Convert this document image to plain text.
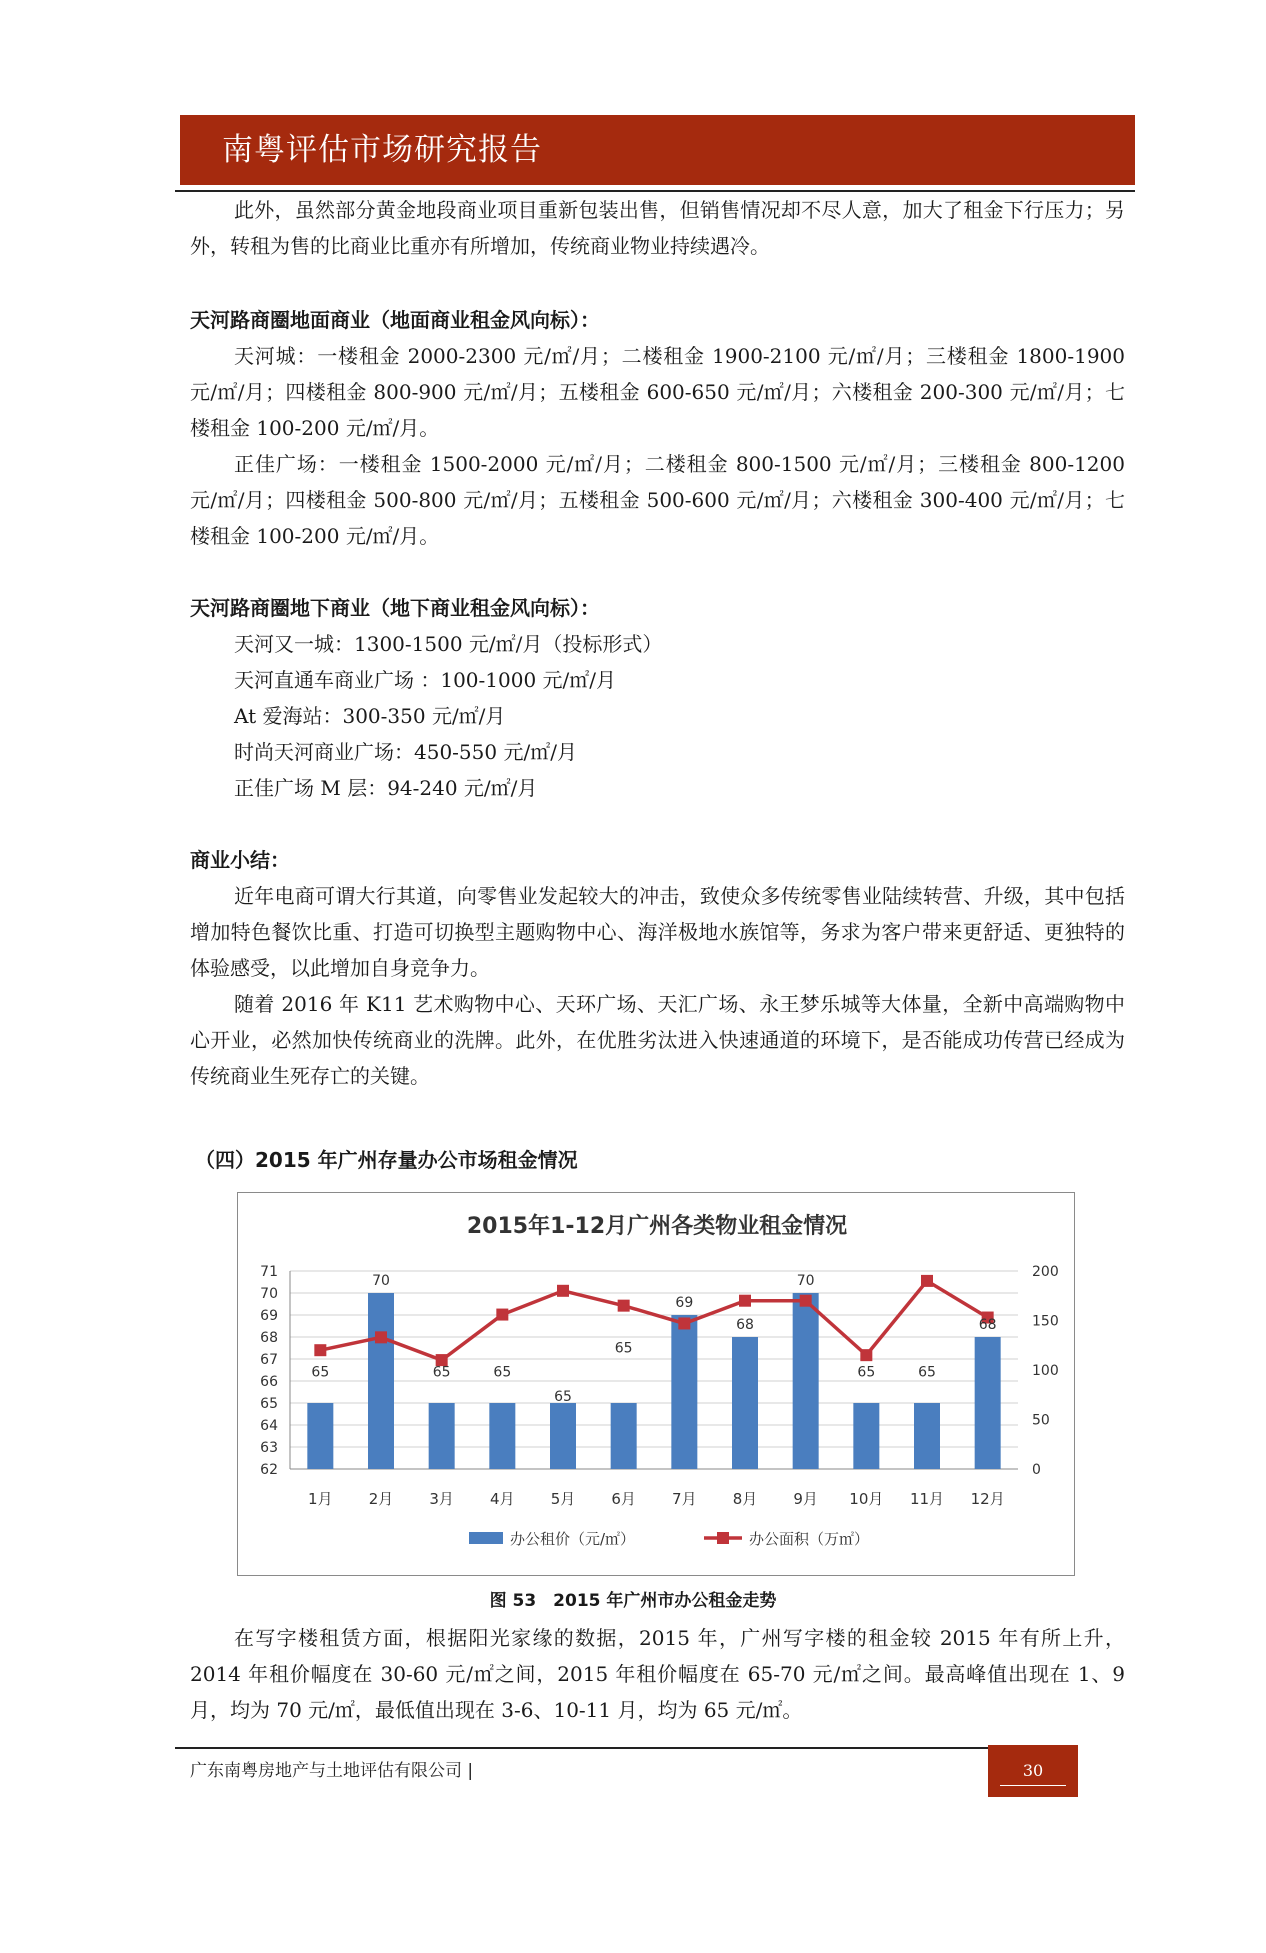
南粤评估市场研究报告

此外，虽然部分黄金地段商业项目重新包装出售，但销售情况却不尽人意，加大了租金下行压力；另外，转租为售的比商业比重亦有所增加，传统商业物业持续遇冷。

天河路商圈地面商业（地面商业租金风向标）：

天河城：一楼租金 2000-2300 元/㎡/月；二楼租金 1900-2100 元/㎡/月；三楼租金 1800-1900 元/㎡/月；四楼租金 800-900 元/㎡/月；五楼租金 600-650 元/㎡/月；六楼租金 200-300 元/㎡/月；七楼租金 100-200 元/㎡/月。

正佳广场：一楼租金 1500-2000 元/㎡/月；二楼租金 800-1500 元/㎡/月；三楼租金 800-1200 元/㎡/月；四楼租金 500-800 元/㎡/月；五楼租金 500-600 元/㎡/月；六楼租金 300-400 元/㎡/月；七楼租金 100-200 元/㎡/月。

天河路商圈地下商业（地下商业租金风向标）：
天河又一城：1300-1500 元/㎡/月（投标形式）
天河直通车商业广场 ：100-1000 元/㎡/月
At 爱海站：300-350 元/㎡/月
时尚天河商业广场：450-550 元/㎡/月
正佳广场 M 层：94-240 元/㎡/月
商业小结：

近年电商可谓大行其道，向零售业发起较大的冲击，致使众多传统零售业陆续转营、升级，其中包括增加特色餐饮比重、打造可切换型主题购物中心、海洋极地水族馆等，务求为客户带来更舒适、更独特的体验感受，以此增加自身竞争力。

随着 2016 年 K11 艺术购物中心、天环广场、天汇广场、永王梦乐城等大体量，全新中高端购物中心开业，必然加快传统商业的洗牌。此外，在优胜劣汰进入快速通道的环境下，是否能成功传营已经成为传统商业生死存亡的关键。

（四）2015 年广州存量办公市场租金情况
2015年1-12月广州各类物业租金情况
62
63
64
65
66
67
68
69
70
71
0
50
100
150
200
65
70
65	65
65
65
69
68
70
65	65
68
1月 2月 3月 4月 5月 6月 7月 8月 9月 10月 11月 12月
办公租价（元/㎡）	办公面积（万㎡）
图 53　2015 年广州市办公租金走势

在写字楼租赁方面，根据阳光家缘的数据，2015 年，广州写字楼的租金较 2015 年有所上升，2014 年租价幅度在 30-60 元/㎡之间，2015 年租价幅度在 65-70 元/㎡之间。最高峰值出现在 1、9 月，均为 70 元/㎡，最低值出现在 3-6、10-11 月，均为 65 元/㎡。

广东南粤房地产与土地评估有限公司 |	30
